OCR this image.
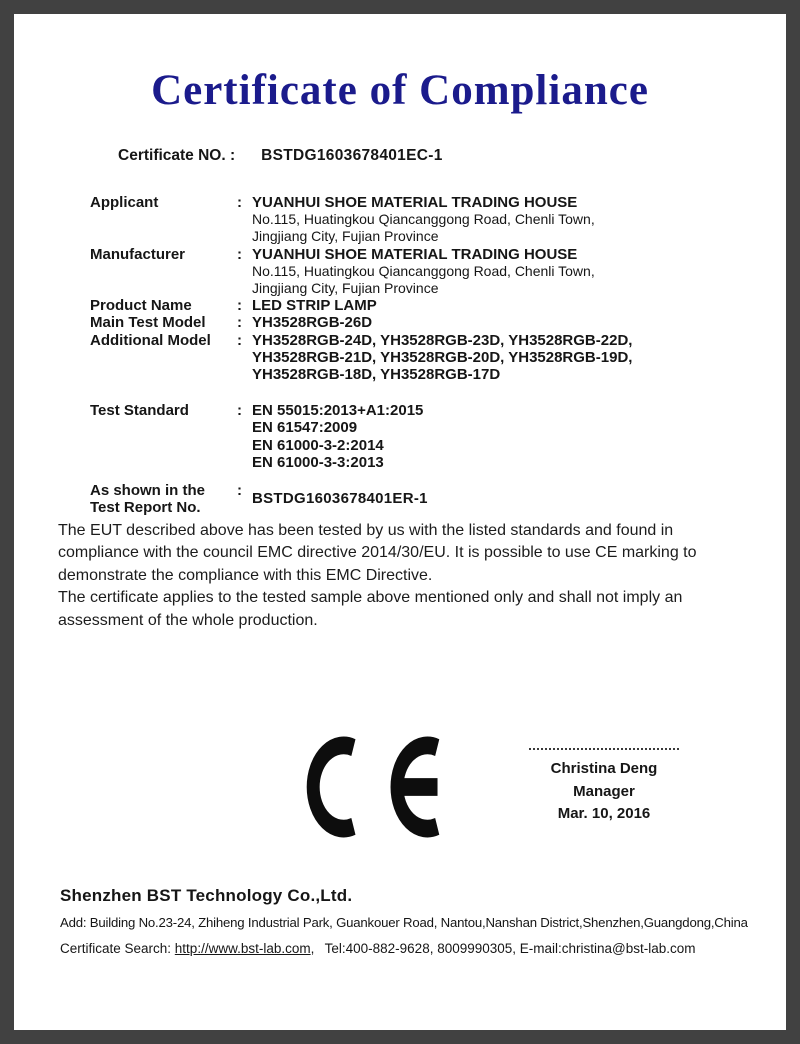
Certificate of Compliance
Certificate NO. : BSTDG1603678401EC-1
Applicant	: YUANHUI SHOE MATERIAL TRADING HOUSE
No.115, Huatingkou Qiancanggong Road, Chenli Town,
Jingjiang City, Fujian Province
Manufacturer	: YUANHUI SHOE MATERIAL TRADING HOUSE
No.115, Huatingkou Qiancanggong Road, Chenli Town,
Jingjiang City, Fujian Province
Product Name	: LED STRIP LAMP
Main Test Model	: YH3528RGB-26D
Additional Model	: YH3528RGB-24D, YH3528RGB-23D, YH3528RGB-22D,
YH3528RGB-21D, YH3528RGB-20D, YH3528RGB-19D,
YH3528RGB-18D, YH3528RGB-17D
Test Standard	: EN 55015:2013+A1:2015
EN 61547:2009
EN 61000-3-2:2014
EN 61000-3-3:2013
As shown in the
Test Report No.
: BSTDG1603678401ER-1
The EUT described above has been tested by us with the listed standards and found in compliance with the council EMC directive 2014/30/EU. It is possible to use CE marking to demonstrate the compliance with this EMC Directive.
The certificate applies to the tested sample above mentioned only and shall not imply an assessment of the whole production.
Christina Deng
Manager
Mar. 10, 2016
Shenzhen BST Technology Co.,Ltd.
Add: Building No.23-24, Zhiheng Industrial Park, Guankouer Road, Nantou,Nanshan District,Shenzhen,Guangdong,China
Certificate Search: http://www.bst-lab.com,  Tel:400-882-9628, 8009990305, E-mail:christina@bst-lab.com
